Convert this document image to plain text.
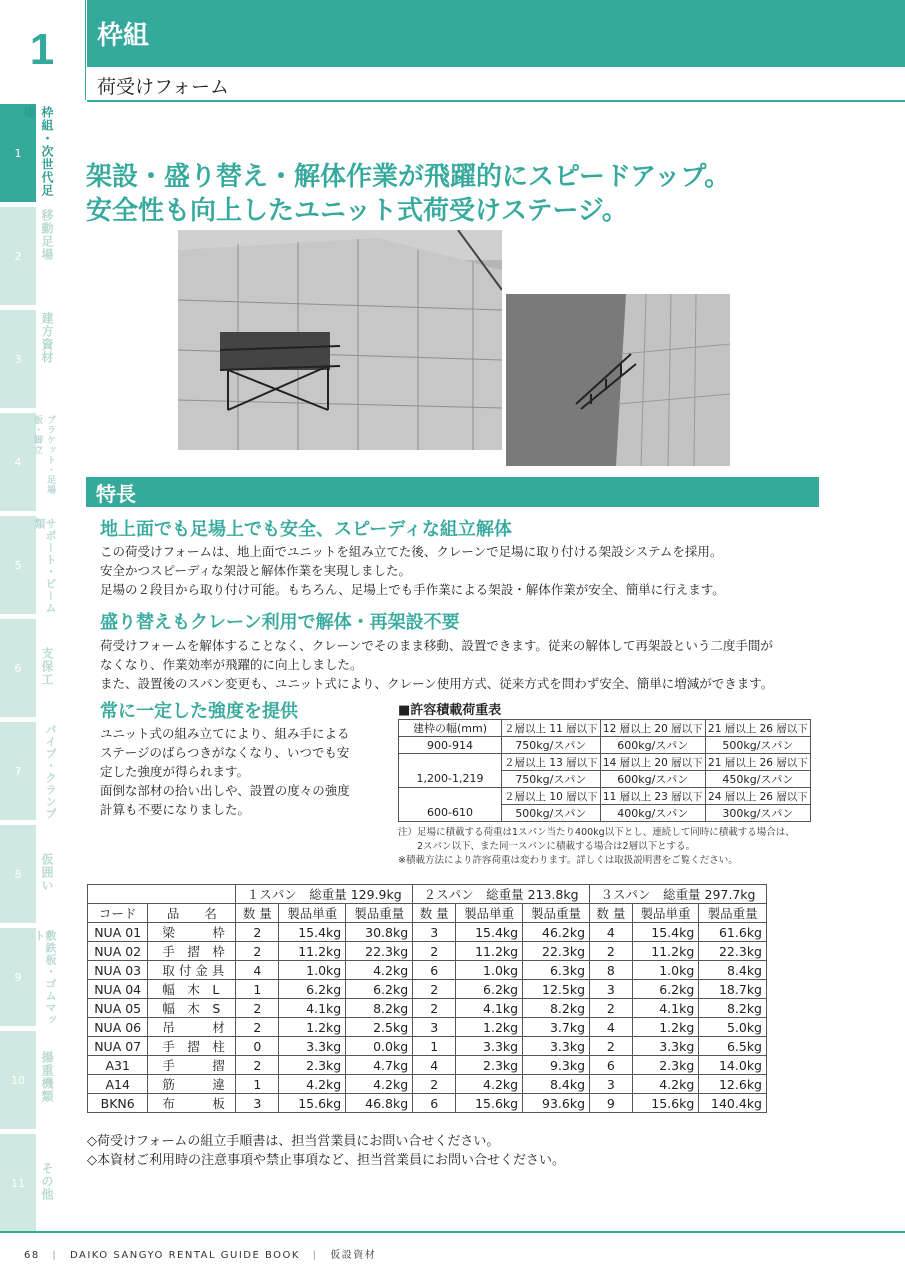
1	枠組
荷受けフォーム
1	枠組・次世代足場
2	移動足場
3	建方資材
4	ブラケット・足場板・脚立
5	サポート・ビーム類
6	支保工
7	パイプ・クランプ
8	仮囲い
9	敷鉄板・ゴムマット
10	揚重機類
11	その他
架設・盛り替え・解体作業が飛躍的にスピードアップ。
安全性も向上したユニット式荷受けステージ。
特長
地上面でも足場上でも安全、スピーディな組立解体
この荷受けフォームは、地上面でユニットを組み立てた後、クレーンで足場に取り付ける架設システムを採用。
安全かつスピーディな架設と解体作業を実現しました。
足場の２段目から取り付け可能。もちろん、足場上でも手作業による架設・解体作業が安全、簡単に行えます。
盛り替えもクレーン利用で解体・再架設不要
荷受けフォームを解体することなく、クレーンでそのまま移動、設置できます。従来の解体して再架設という二度手間が
なくなり、作業効率が飛躍的に向上しました。
また、設置後のスパン変更も、ユニット式により、クレーン使用方式、従来方式を問わず安全、簡単に増減ができます。
常に一定した強度を提供
ユニット式の組み立てにより、組み手による
ステージのばらつきがなくなり、いつでも安
定した強度が得られます。
面倒な部材の拾い出しや、設置の度々の強度
計算も不要になりました。
■許容積載荷重表
建枠の幅(mm)	２層以上 11 層以下	12 層以上 20 層以下	21 層以上 26 層以下
900-914	750kg/スパン	600kg/スパン	500kg/スパン
	２層以上 13 層以下	14 層以上 20 層以下	21 層以上 26 層以下
1,200-1,219	750kg/スパン	600kg/スパン	450kg/スパン
	２層以上 10 層以下	11 層以上 23 層以下	24 層以上 26 層以下
600-610	500kg/スパン	400kg/スパン	300kg/スパン
注）足場に積載する荷重は1スパン当たり400kg以下とし、連続して同時に積載する場合は、
　　2スパン以下、また同一スパンに積載する場合は2層以下とする。
※積載方法により許容荷重は変わります。詳しくは取扱説明書をご覧ください。
		１スパン　総重量 129.9kg			２スパン　総重量 213.8kg			３スパン　総重量 297.7kg		
コード	品　　名	数 量	製品単重	製品重量	数 量	製品単重	製品重量	数 量	製品単重	製品重量
NUA 01	梁　　　枠	2	15.4kg	30.8kg	3	15.4kg	46.2kg	4	15.4kg	61.6kg
NUA 02	手　摺　枠	2	11.2kg	22.3kg	2	11.2kg	22.3kg	2	11.2kg	22.3kg
NUA 03	取 付 金 具	4	1.0kg	4.2kg	6	1.0kg	6.3kg	8	1.0kg	8.4kg
NUA 04	幅　木　L	1	6.2kg	6.2kg	2	6.2kg	12.5kg	3	6.2kg	18.7kg
NUA 05	幅　木　S	2	4.1kg	8.2kg	2	4.1kg	8.2kg	2	4.1kg	8.2kg
NUA 06	吊　　　材	2	1.2kg	2.5kg	3	1.2kg	3.7kg	4	1.2kg	5.0kg
NUA 07	手　摺　柱	0	3.3kg	0.0kg	1	3.3kg	3.3kg	2	3.3kg	6.5kg
A31	手　　　摺	2	2.3kg	4.7kg	4	2.3kg	9.3kg	6	2.3kg	14.0kg
A14	筋　　　違	1	4.2kg	4.2kg	2	4.2kg	8.4kg	3	4.2kg	12.6kg
BKN6	布　　　板	3	15.6kg	46.8kg	6	15.6kg	93.6kg	9	15.6kg	140.4kg
◇荷受けフォームの組立手順書は、担当営業員にお問い合せください。
◇本資材ご利用時の注意事項や禁止事項など、担当営業員にお問い合せください。
68 | DAIKO SANGYO RENTAL GUIDE BOOK | 仮設資材
